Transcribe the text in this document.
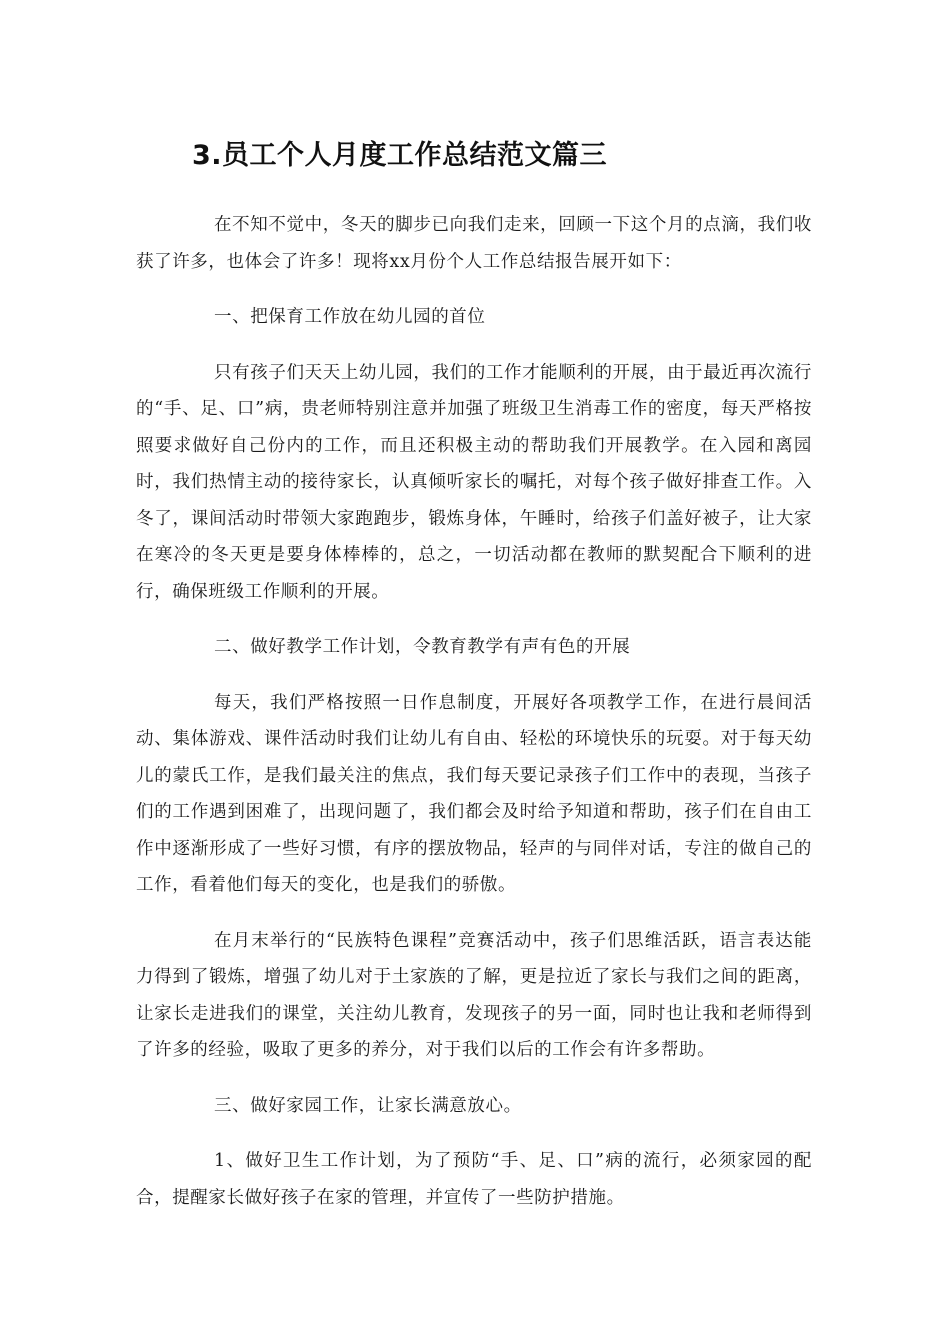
3.员工个人月度工作总结范文篇三

在不知不觉中，冬天的脚步已向我们走来，回顾一下这个月的点滴，我们收获了许多，也体会了许多！现将xx月份个人工作总结报告展开如下：

一、把保育工作放在幼儿园的首位

只有孩子们天天上幼儿园，我们的工作才能顺利的开展，由于最近再次流行的“手、足、口”病，贵老师特别注意并加强了班级卫生消毒工作的密度，每天严格按照要求做好自己份内的工作，而且还积极主动的帮助我们开展教学。在入园和离园时，我们热情主动的接待家长，认真倾听家长的嘱托，对每个孩子做好排查工作。入冬了，课间活动时带领大家跑跑步，锻炼身体，午睡时，给孩子们盖好被子，让大家在寒冷的冬天更是要身体棒棒的，总之，一切活动都在教师的默契配合下顺利的进行，确保班级工作顺利的开展。

二、做好教学工作计划，令教育教学有声有色的开展

每天，我们严格按照一日作息制度，开展好各项教学工作，在进行晨间活动、集体游戏、课件活动时我们让幼儿有自由、轻松的环境快乐的玩耍。对于每天幼儿的蒙氏工作，是我们最关注的焦点，我们每天要记录孩子们工作中的表现，当孩子们的工作遇到困难了，出现问题了，我们都会及时给予知道和帮助，孩子们在自由工作中逐渐形成了一些好习惯，有序的摆放物品，轻声的与同伴对话，专注的做自己的工作，看着他们每天的变化，也是我们的骄傲。

在月末举行的“民族特色课程”竞赛活动中，孩子们思维活跃，语言表达能力得到了锻炼，增强了幼儿对于土家族的了解，更是拉近了家长与我们之间的距离，让家长走进我们的课堂，关注幼儿教育，发现孩子的另一面，同时也让我和老师得到了许多的经验，吸取了更多的养分，对于我们以后的工作会有许多帮助。

三、做好家园工作，让家长满意放心。

1、做好卫生工作计划，为了预防“手、足、口”病的流行，必须家园的配合，提醒家长做好孩子在家的管理，并宣传了一些防护措施。
